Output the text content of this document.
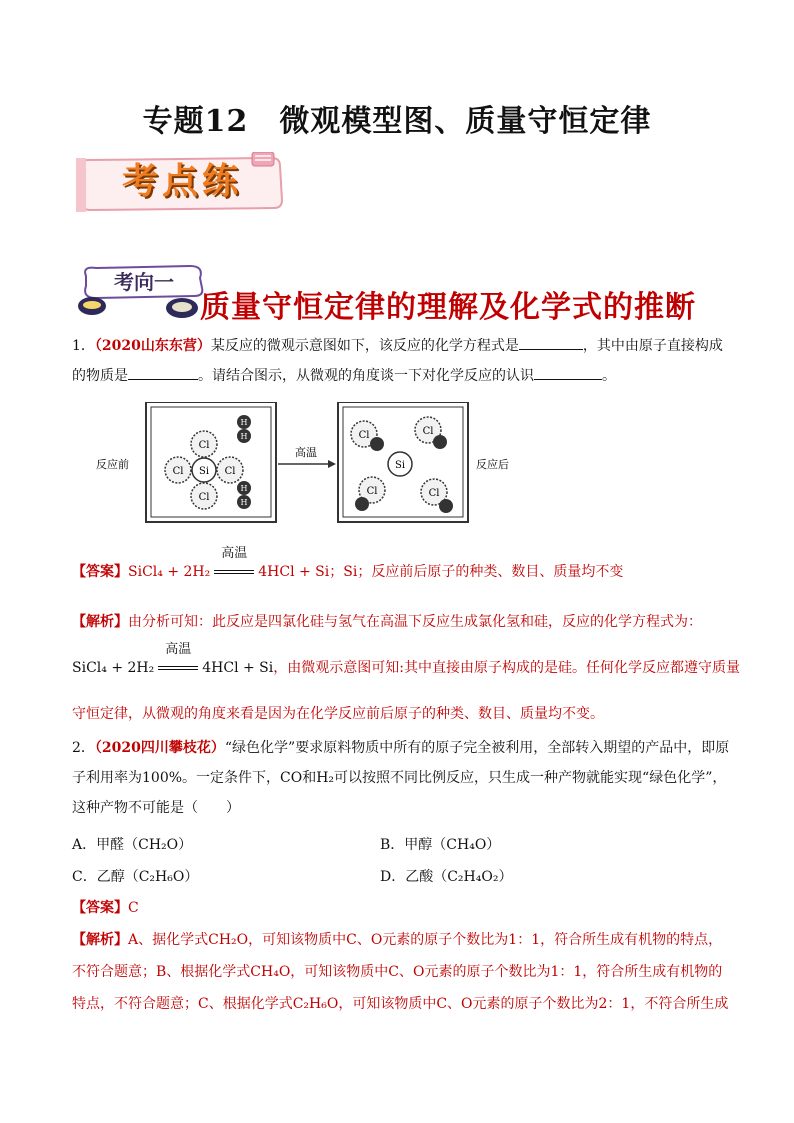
专题12　微观模型图、质量守恒定律
考点练
考向一
质量守恒定律的理解及化学式的推断
1．（2020山东东营）某反应的微观示意图如下，该反应的化学方程式是	，其中由原子直接构成
的物质是	。请结合图示，从微观的角度谈一下对化学反应的认识	。
Si
Cl
Cl
Cl	Cl
H
H
H
H
反应前
高温
Si
Cl	Cl
Cl	Cl
反应后
【答案】SiCl₄ + 2H₂
高温
4HCl + Si；Si；反应前后原子的种类、数目、质量均不变
【解析】由分析可知：此反应是四氯化硅与氢气在高温下反应生成氯化氢和硅，反应的化学方程式为：
SiCl₄ + 2H₂
高温
4HCl + Si，由微观示意图可知:其中直接由原子构成的是硅。任何化学反应都遵守质量
守恒定律，从微观的角度来看是因为在化学反应前后原子的种类、数目、质量均不变。
2．（2020四川攀枝花）“绿色化学”要求原料物质中所有的原子完全被利用，全部转入期望的产品中，即原
子利用率为100%。一定条件下，CO和H₂可以按照不同比例反应，只生成一种产物就能实现“绿色化学”，
这种产物不可能是（　　）
A．甲醛（CH₂O）	B．甲醇（CH₄O）
C．乙醇（C₂H₆O）	D．乙酸（C₂H₄O₂）
【答案】C
【解析】A、据化学式CH₂O，可知该物质中C、O元素的原子个数比为1：1，符合所生成有机物的特点，
不符合题意；B、根据化学式CH₄O，可知该物质中C、O元素的原子个数比为1：1，符合所生成有机物的
特点，不符合题意；C、根据化学式C₂H₆O，可知该物质中C、O元素的原子个数比为2：1，不符合所生成
